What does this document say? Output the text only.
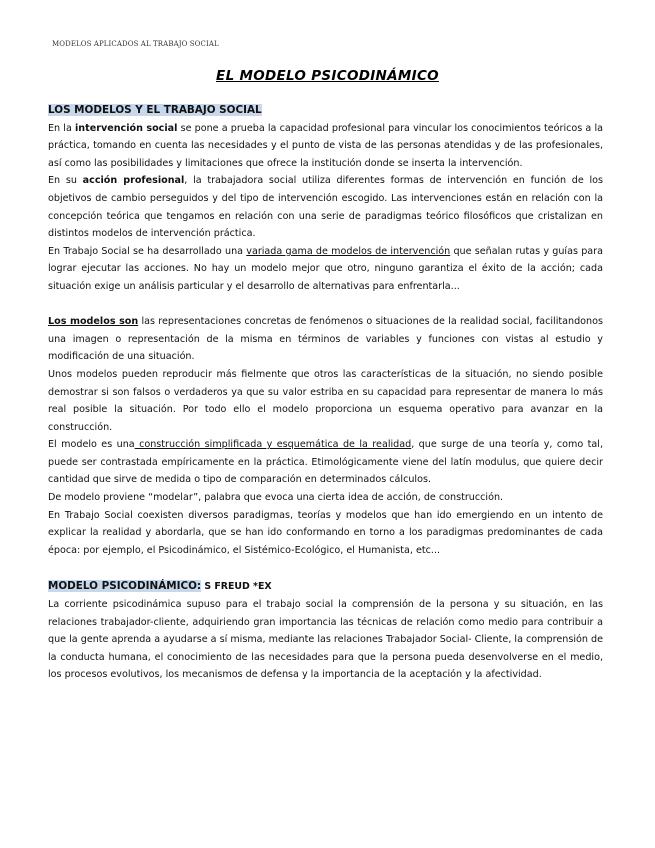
MODELOS APLICADOS AL TRABAJO SOCIAL
EL MODELO PSICODINÁMICO
LOS MODELOS Y EL TRABAJO SOCIAL

En la intervención social se pone a prueba la capacidad profesional para vincular los conocimientos teóricos a la práctica, tomando en cuenta las necesidades y el punto de vista de las personas atendidas y de las profesionales, así como las posibilidades y limitaciones que ofrece la institución donde se inserta la intervención.

En su acción profesional, la trabajadora social utiliza diferentes formas de intervención en función de los objetivos de cambio perseguidos y del tipo de intervención escogido. Las intervenciones están en relación con la concepción teórica que tengamos en relación con una serie de paradigmas teórico filosóficos que cristalizan en distintos modelos de intervención práctica.

En Trabajo Social se ha desarrollado una variada gama de modelos de intervención que señalan rutas y guías para lograr ejecutar las acciones. No hay un modelo mejor que otro, ninguno garantiza el éxito de la acción; cada situación exige un análisis particular y el desarrollo de alternativas para enfrentarla...

Los modelos son las representaciones concretas de fenómenos o situaciones de la realidad social, facilitandonos una imagen o representación de la misma en términos de variables y funciones con vistas al estudio y modificación de una situación.

Unos modelos pueden reproducir más fielmente que otros las características de la situación, no siendo posible demostrar si son falsos o verdaderos ya que su valor estriba en su capacidad para representar de manera lo más real posible la situación. Por todo ello el modelo proporciona un esquema operativo para avanzar en la construcción.

El modelo es una construcción simplificada y esquemática de la realidad, que surge de una teoría y, como tal, puede ser contrastada empíricamente en la práctica. Etimológicamente viene del latín modulus, que quiere decir cantidad que sirve de medida o tipo de comparación en determinados cálculos.

De modelo proviene “modelar”, palabra que evoca una cierta idea de acción, de construcción.

En Trabajo Social coexisten diversos paradigmas, teorías y modelos que han ido emergiendo en un intento de explicar la realidad y abordarla, que se han ido conformando en torno a los paradigmas predominantes de cada época: por ejemplo, el Psicodinámico, el Sistémico-Ecológico, el Humanista, etc...

MODELO PSICODINÁMICO: S FREUD *EX

La corriente psicodinámica supuso para el trabajo social la comprensión de la persona y su situación, en las relaciones trabajador-cliente, adquiriendo gran importancia las técnicas de relación como medio para contribuir a que la gente aprenda a ayudarse a sí misma, mediante las relaciones Trabajador Social- Cliente, la comprensión de la conducta humana, el conocimiento de las necesidades para que la persona pueda desenvolverse en el medio, los procesos evolutivos, los mecanismos de defensa y la importancia de la aceptación y la afectividad.
